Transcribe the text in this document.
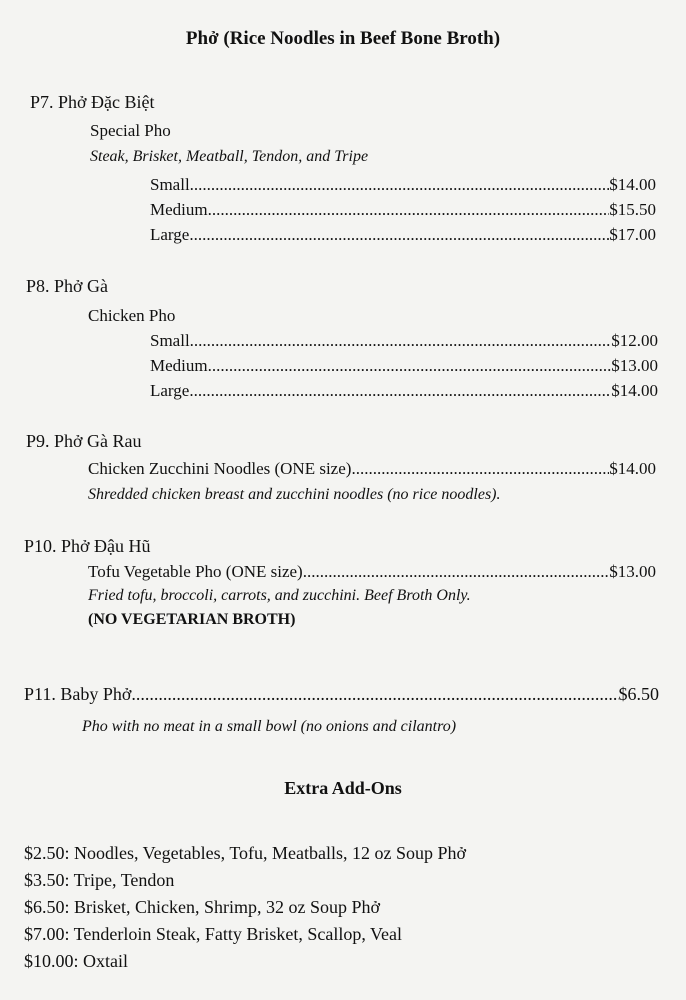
Phở (Rice Noodles in Beef Bone Broth)
P7. Phở Đặc Biệt
Special Pho
Steak, Brisket, Meatball, Tendon, and Tripe
Small .....	$14.00
Medium .....	$15.50
Large .....	$17.00
P8. Phở Gà
Chicken Pho
Small .....	$12.00
Medium .....	$13.00
Large .....	$14.00
P9. Phở Gà Rau
Chicken Zucchini Noodles (ONE size) .....	$14.00
Shredded chicken breast and zucchini noodles (no rice noodles).
P10. Phở Đậu Hũ
Tofu Vegetable Pho (ONE size) .....	$13.00
Fried tofu, broccoli, carrots, and zucchini. Beef Broth Only.
(NO VEGETARIAN BROTH)
P11. Baby Phở .....	$6.50
Pho with no meat in a small bowl (no onions and cilantro)
Extra Add-Ons
$2.50: Noodles, Vegetables, Tofu, Meatballs, 12 oz Soup Phở
$3.50: Tripe, Tendon
$6.50: Brisket, Chicken, Shrimp, 32 oz Soup Phở
$7.00: Tenderloin Steak, Fatty Brisket, Scallop, Veal
$10.00: Oxtail
